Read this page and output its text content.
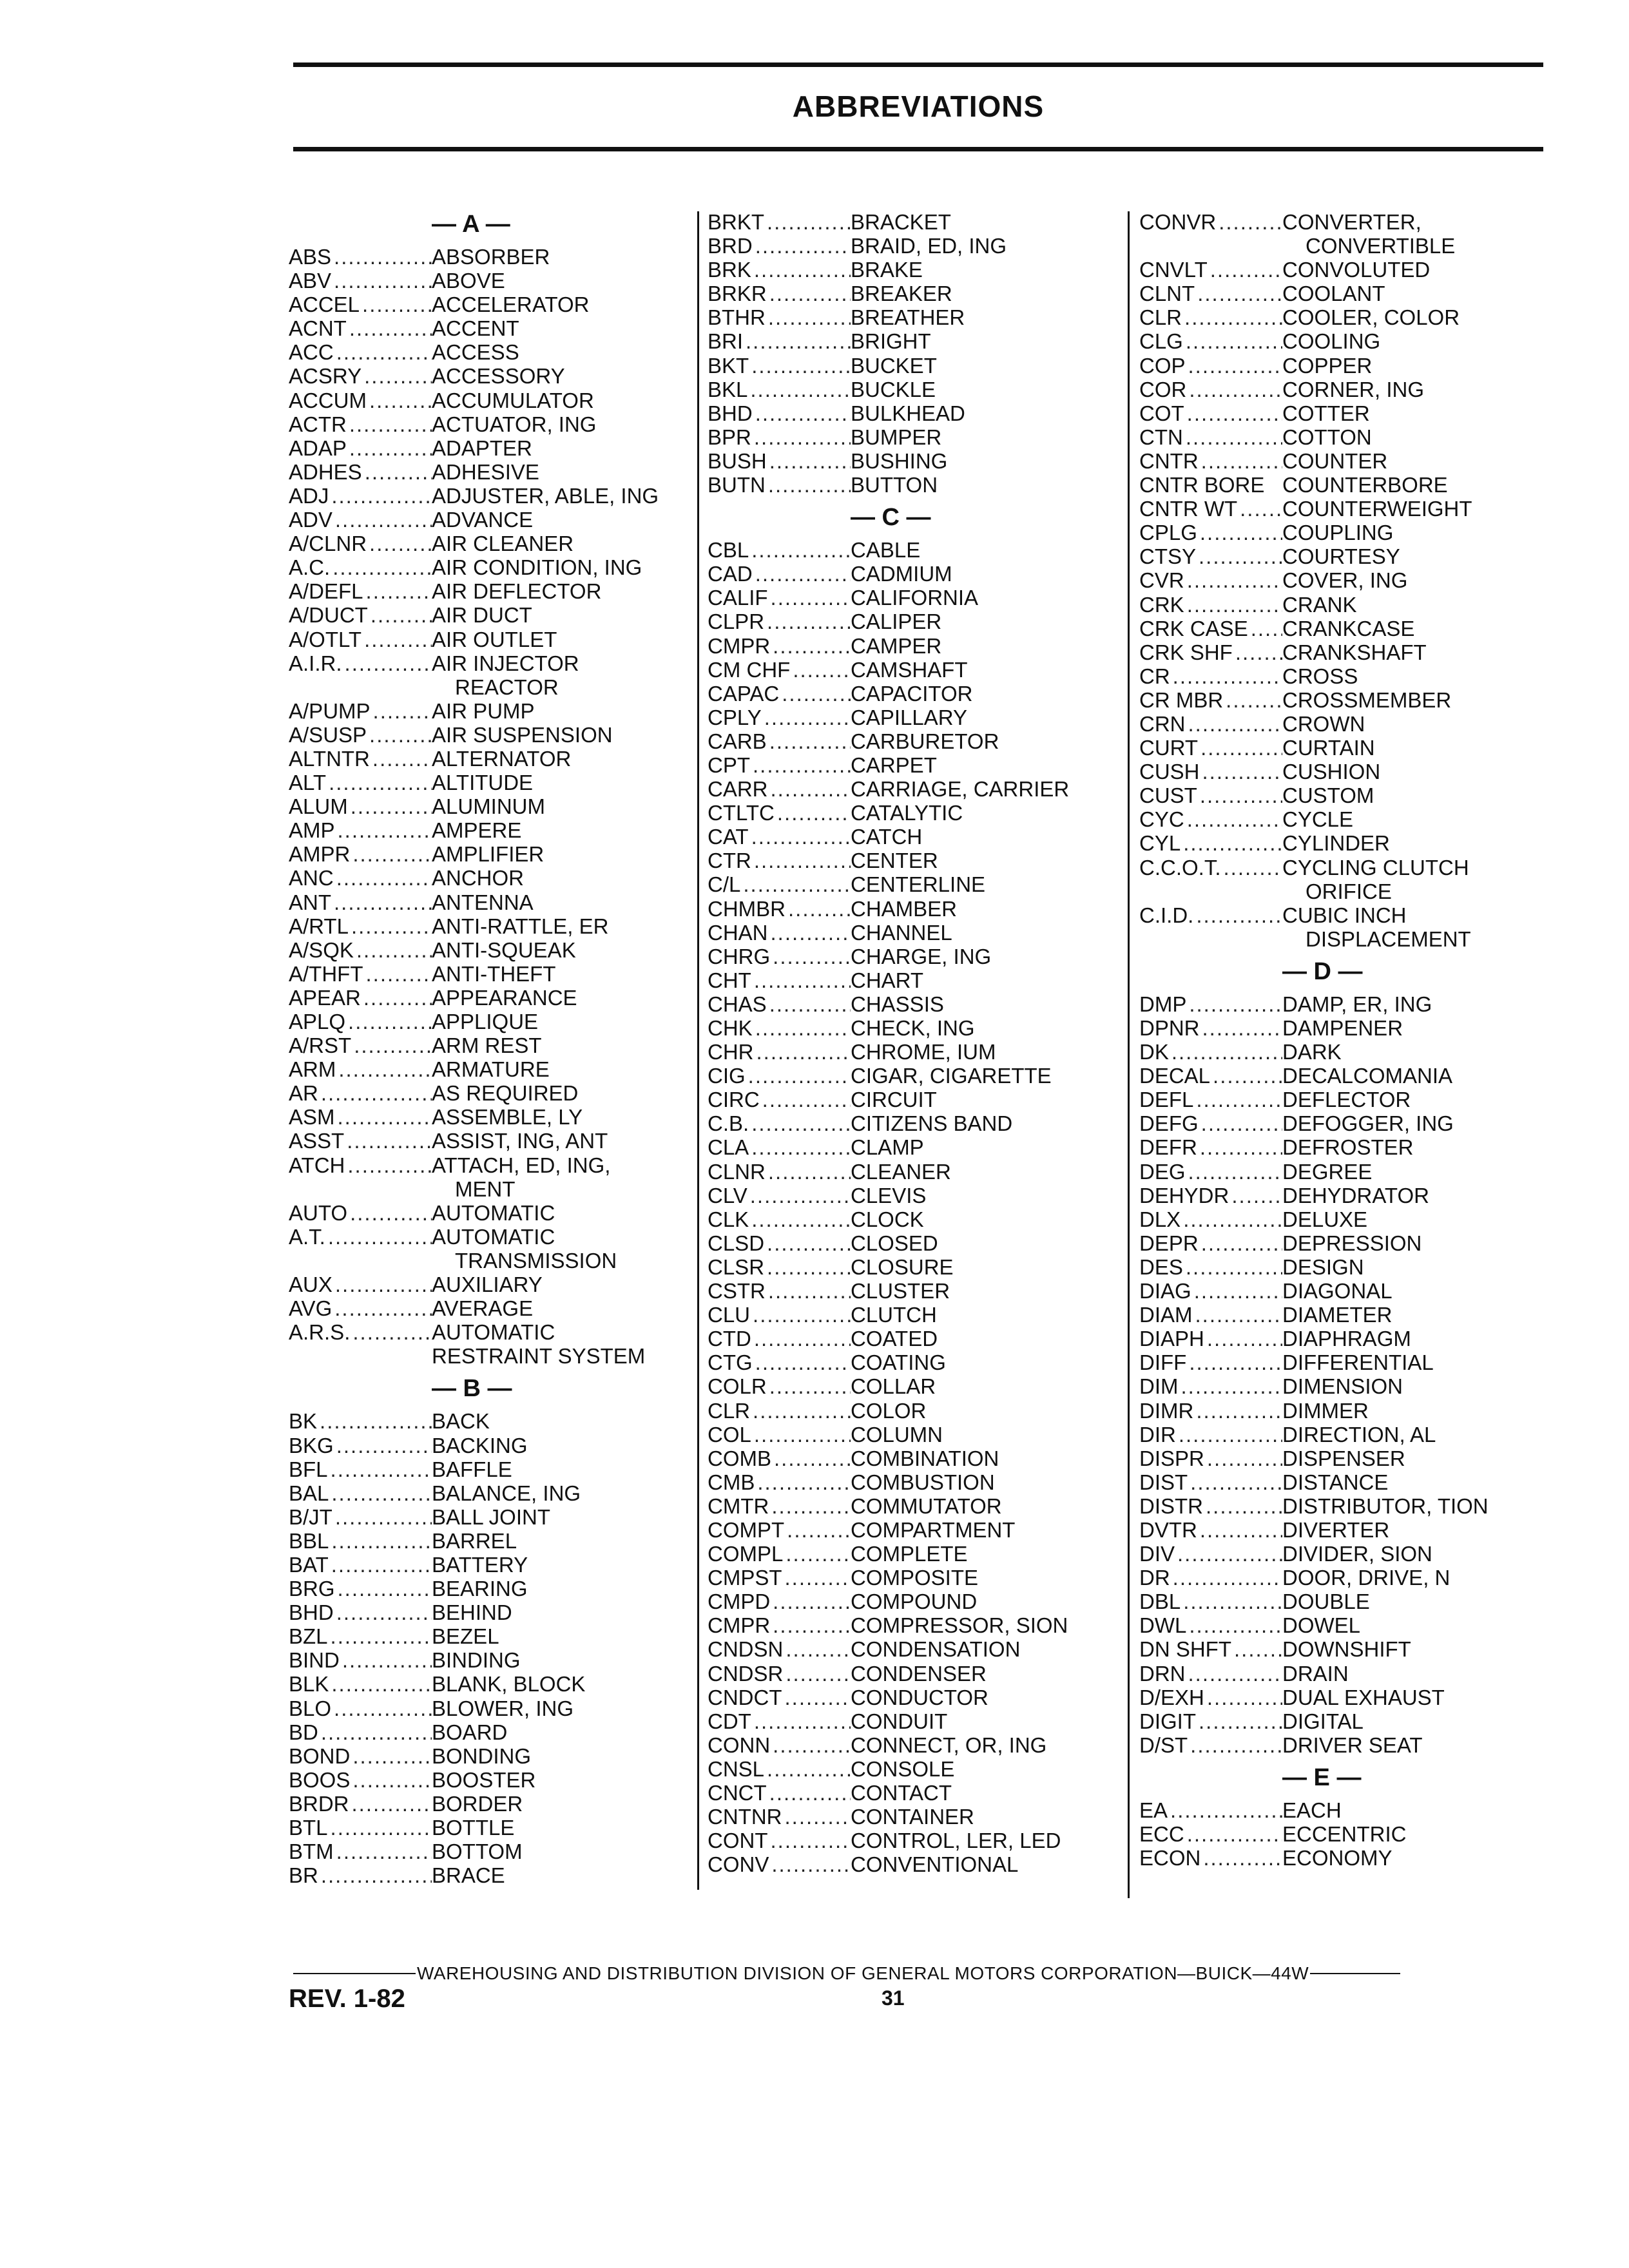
ABBREVIATIONS
— A —
ABS .....	ABSORBER
ABV .....	ABOVE
ACCEL .....	ACCELERATOR
ACNT .....	ACCENT
ACC .....	ACCESS
ACSRY .....	ACCESSORY
ACCUM .....	ACCUMULATOR
ACTR .....	ACTUATOR, ING
ADAP .....	ADAPTER
ADHES .....	ADHESIVE
ADJ .....	ADJUSTER, ABLE, ING
ADV .....	ADVANCE
A/CLNR .....	AIR CLEANER
A.C. .....	AIR CONDITION, ING
A/DEFL .....	AIR DEFLECTOR
A/DUCT .....	AIR DUCT
A/OTLT .....	AIR OUTLET
A.I.R. .....	AIR INJECTOR
REACTOR
A/PUMP .....	AIR PUMP
A/SUSP .....	AIR SUSPENSION
ALTNTR .....	ALTERNATOR
ALT .....	ALTITUDE
ALUM .....	ALUMINUM
AMP .....	AMPERE
AMPR .....	AMPLIFIER
ANC .....	ANCHOR
ANT .....	ANTENNA
A/RTL .....	ANTI-RATTLE, ER
A/SQK .....	ANTI-SQUEAK
A/THFT .....	ANTI-THEFT
APEAR .....	APPEARANCE
APLQ .....	APPLIQUE
A/RST .....	ARM REST
ARM .....	ARMATURE
AR .....	AS REQUIRED
ASM .....	ASSEMBLE, LY
ASST .....	ASSIST, ING, ANT
ATCH .....	ATTACH, ED, ING,
MENT
AUTO .....	AUTOMATIC
A.T. .....	AUTOMATIC
TRANSMISSION
AUX .....	AUXILIARY
AVG .....	AVERAGE
A.R.S. .....	AUTOMATIC
RESTRAINT SYSTEM
— B —
BK .....	BACK
BKG .....	BACKING
BFL .....	BAFFLE
BAL .....	BALANCE, ING
B/JT .....	BALL JOINT
BBL .....	BARREL
BAT .....	BATTERY
BRG .....	BEARING
BHD .....	BEHIND
BZL .....	BEZEL
BIND .....	BINDING
BLK .....	BLANK, BLOCK
BLO .....	BLOWER, ING
BD .....	BOARD
BOND .....	BONDING
BOOS .....	BOOSTER
BRDR .....	BORDER
BTL .....	BOTTLE
BTM .....	BOTTOM
BR .....	BRACE
BRKT .....	BRACKET
BRD .....	BRAID, ED, ING
BRK .....	BRAKE
BRKR .....	BREAKER
BTHR .....	BREATHER
BRI .....	BRIGHT
BKT .....	BUCKET
BKL .....	BUCKLE
BHD .....	BULKHEAD
BPR .....	BUMPER
BUSH .....	BUSHING
BUTN .....	BUTTON
— C —
CBL .....	CABLE
CAD .....	CADMIUM
CALIF .....	CALIFORNIA
CLPR .....	CALIPER
CMPR .....	CAMPER
CM CHF .....	CAMSHAFT
CAPAC .....	CAPACITOR
CPLY .....	CAPILLARY
CARB .....	CARBURETOR
CPT .....	CARPET
CARR .....	CARRIAGE, CARRIER
CTLTC .....	CATALYTIC
CAT .....	CATCH
CTR .....	CENTER
C/L .....	CENTERLINE
CHMBR .....	CHAMBER
CHAN .....	CHANNEL
CHRG .....	CHARGE, ING
CHT .....	CHART
CHAS .....	CHASSIS
CHK .....	CHECK, ING
CHR .....	CHROME, IUM
CIG .....	CIGAR, CIGARETTE
CIRC .....	CIRCUIT
C.B. .....	CITIZENS BAND
CLA .....	CLAMP
CLNR .....	CLEANER
CLV .....	CLEVIS
CLK .....	CLOCK
CLSD .....	CLOSED
CLSR .....	CLOSURE
CSTR .....	CLUSTER
CLU .....	CLUTCH
CTD .....	COATED
CTG .....	COATING
COLR .....	COLLAR
CLR .....	COLOR
COL .....	COLUMN
COMB .....	COMBINATION
CMB .....	COMBUSTION
CMTR .....	COMMUTATOR
COMPT .....	COMPARTMENT
COMPL .....	COMPLETE
CMPST .....	COMPOSITE
CMPD .....	COMPOUND
CMPR .....	COMPRESSOR, SION
CNDSN .....	CONDENSATION
CNDSR .....	CONDENSER
CNDCT .....	CONDUCTOR
CDT .....	CONDUIT
CONN .....	CONNECT, OR, ING
CNSL .....	CONSOLE
CNCT .....	CONTACT
CNTNR .....	CONTAINER
CONT .....	CONTROL, LER, LED
CONV .....	CONVENTIONAL
CONVR .....	CONVERTER,
CONVERTIBLE
CNVLT .....	CONVOLUTED
CLNT .....	COOLANT
CLR .....	COOLER, COLOR
CLG .....	COOLING
COP .....	COPPER
COR .....	CORNER, ING
COT .....	COTTER
CTN .....	COTTON
CNTR .....	COUNTER
CNTR BORE COUNTERBORE
CNTR WT ..... COUNTERWEIGHT
CPLG .....	COUPLING
CTSY .....	COURTESY
CVR .....	COVER, ING
CRK .....	CRANK
CRK CASE ..... CRANKCASE
CRK SHF ..... CRANKSHAFT
CR .....	CROSS
CR MBR .....	CROSSMEMBER
CRN .....	CROWN
CURT .....	CURTAIN
CUSH .....	CUSHION
CUST .....	CUSTOM
CYC .....	CYCLE
CYL .....	CYLINDER
C.C.O.T. .....	CYCLING CLUTCH
ORIFICE
C.I.D. .....	CUBIC INCH
DISPLACEMENT
— D —
DMP .....	DAMP, ER, ING
DPNR .....	DAMPENER
DK .....	DARK
DECAL .....	DECALCOMANIA
DEFL .....	DEFLECTOR
DEFG .....	DEFOGGER, ING
DEFR .....	DEFROSTER
DEG .....	DEGREE
DEHYDR .....	DEHYDRATOR
DLX .....	DELUXE
DEPR .....	DEPRESSION
DES .....	DESIGN
DIAG .....	DIAGONAL
DIAM .....	DIAMETER
DIAPH .....	DIAPHRAGM
DIFF .....	DIFFERENTIAL
DIM .....	DIMENSION
DIMR .....	DIMMER
DIR .....	DIRECTION, AL
DISPR .....	DISPENSER
DIST .....	DISTANCE
DISTR .....	DISTRIBUTOR, TION
DVTR .....	DIVERTER
DIV .....	DIVIDER, SION
DR .....	DOOR, DRIVE, N
DBL .....	DOUBLE
DWL .....	DOWEL
DN SHFT ..... DOWNSHIFT
DRN .....	DRAIN
D/EXH .....	DUAL EXHAUST
DIGIT .....	DIGITAL
D/ST .....	DRIVER SEAT
— E —
EA .....	EACH
ECC .....	ECCENTRIC
ECON .....	ECONOMY
WAREHOUSING AND DISTRIBUTION DIVISION OF GENERAL MOTORS CORPORATION—BUICK—44W
REV. 1-82	31
